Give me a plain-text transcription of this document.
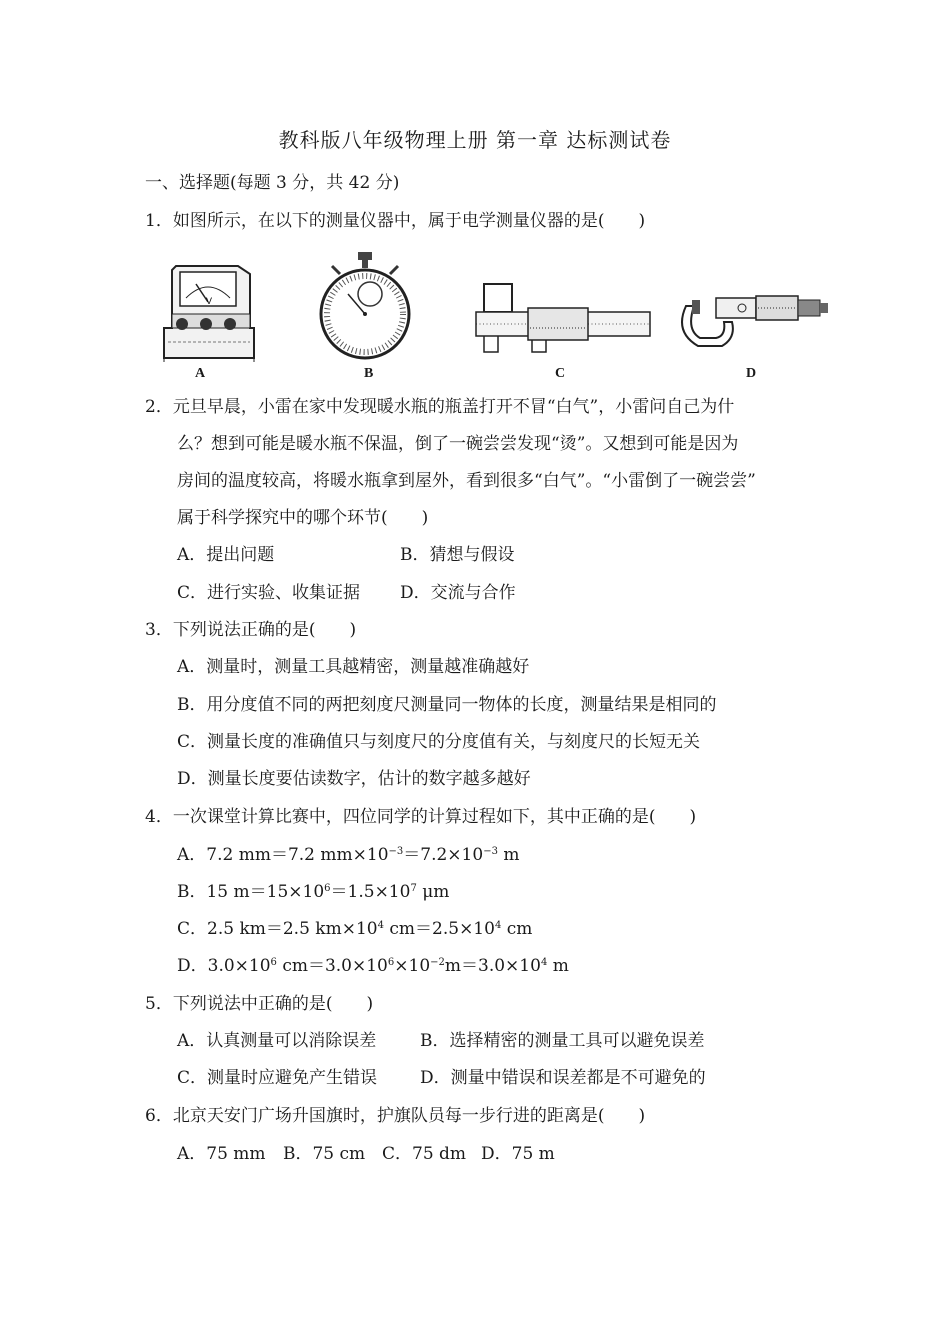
教科版八年级物理上册 第一章 达标测试卷
一、选择题(每题 3 分，共 42 分)
1．如图所示，在以下的测量仪器中，属于电学测量仪器的是(　　)
V
A	B	C	D
2．元旦早晨，小雷在家中发现暖水瓶的瓶盖打开不冒“白气”，小雷问自己为什
么？想到可能是暖水瓶不保温，倒了一碗尝尝发现“烫”。又想到可能是因为
房间的温度较高，将暖水瓶拿到屋外，看到很多“白气”。“小雷倒了一碗尝尝”
属于科学探究中的哪个环节(　　)
A．提出问题	B．猜想与假设
C．进行实验、收集证据 D．交流与合作
3．下列说法正确的是(　　)
A．测量时，测量工具越精密，测量越准确越好
B．用分度值不同的两把刻度尺测量同一物体的长度，测量结果是相同的
C．测量长度的准确值只与刻度尺的分度值有关，与刻度尺的长短无关
D．测量长度要估读数字，估计的数字越多越好
4．一次课堂计算比赛中，四位同学的计算过程如下，其中正确的是(　　)
A．7.2 mm＝7.2 $mm\times 10^{-3}=7.2\times 10^{-3}$ m
B．15 $m=15\times 10^6=1.5\times 10^7$ μm
C．2.5 km＝2.5 $km\times 10^4$ $cm=2.5\times 10^4$ cm
D．$3.0\times 10^6$ $cm=3.0\times 10^6\times 10^{-2}m=3.0\times 10^4$ m
5．下列说法中正确的是(　　)
A．认真测量可以消除误差	B．选择精密的测量工具可以避免误差
C．测量时应避免产生错误	D．测量中错误和误差都是不可避免的
6．北京天安门广场升国旗时，护旗队员每一步行进的距离是(　　)
A．75 mm B．75 cm C．75 dm D．75 m
